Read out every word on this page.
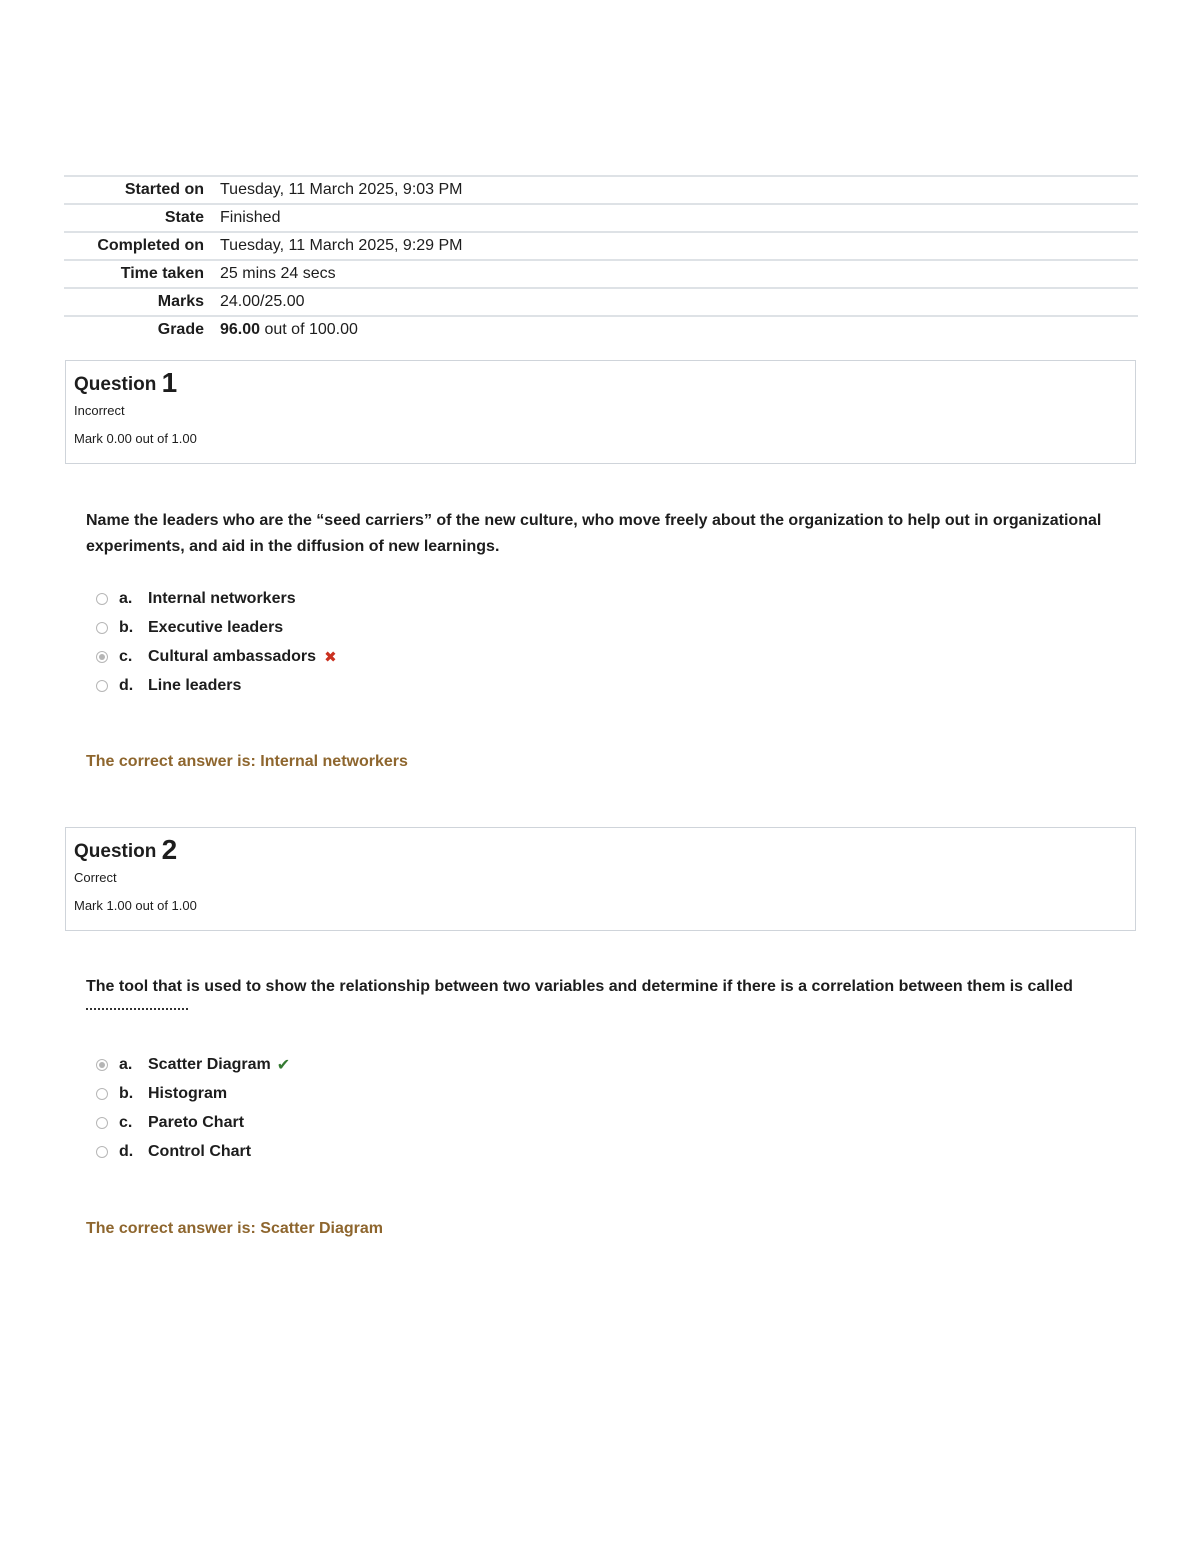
Started on	Tuesday, 11 March 2025, 9:03 PM
State	Finished
Completed on	Tuesday, 11 March 2025, 9:29 PM
Time taken	25 mins 24 secs
Marks	24.00/25.00
Grade	96.00 out of 100.00
Question 1
Incorrect
Mark 0.00 out of 1.00
Name the leaders who are the “seed carriers” of the new culture, who move freely about the organization to help out in organizational experiments, and aid in the diffusion of new learnings.
a. Internal networkers
b. Executive leaders
c. Cultural ambassadors ✖
d. Line leaders
The correct answer is: Internal networkers
Question 2
Correct
Mark 1.00 out of 1.00
The tool that is used to show the relationship between two variables and determine if there is a correlation between them is called

a. Scatter Diagram ✔
b. Histogram
c. Pareto Chart
d. Control Chart
The correct answer is: Scatter Diagram
